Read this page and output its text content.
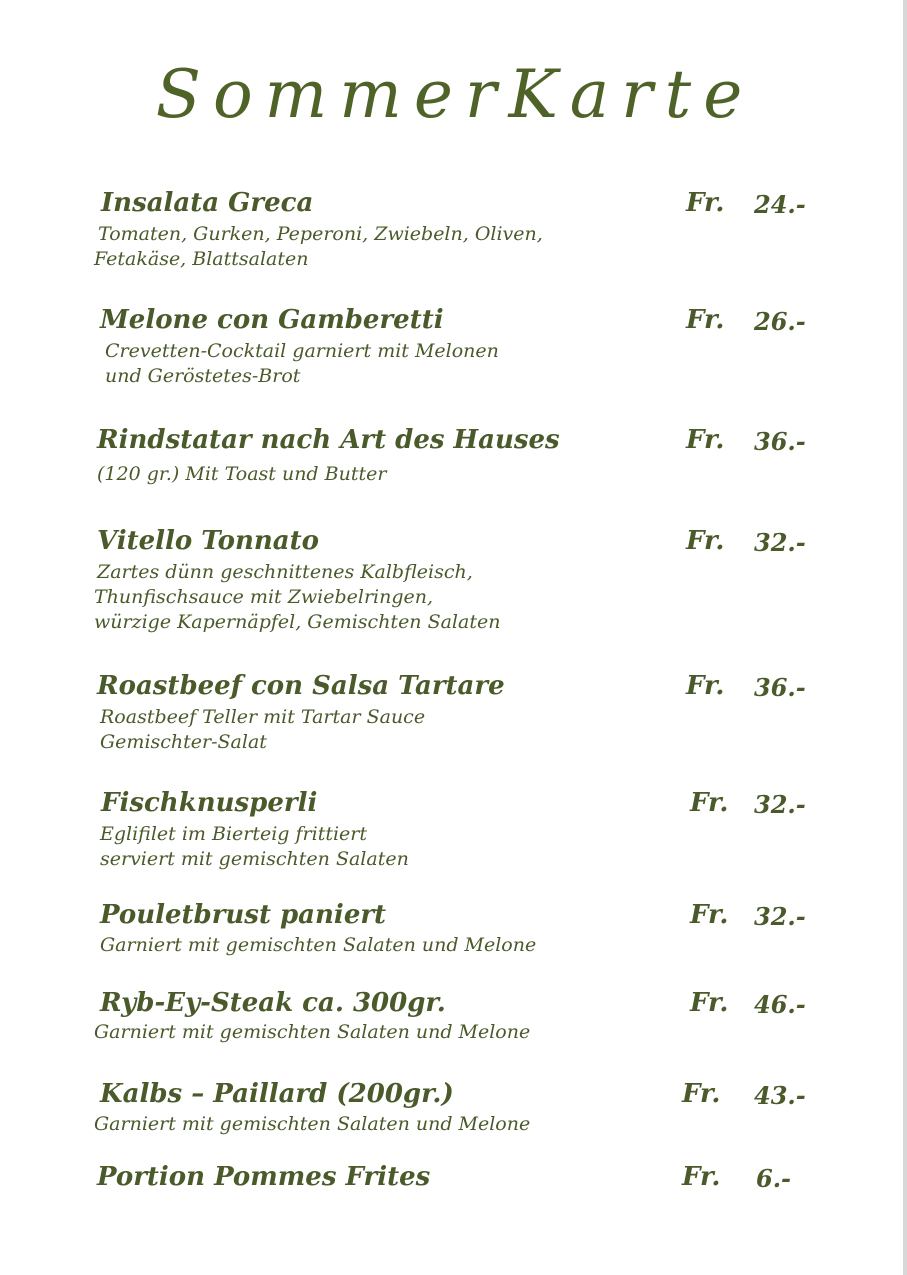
SommerKarte
Insalata Greca	Fr. 24.-
Tomaten, Gurken, Peperoni, Zwiebeln, Oliven,
Fetakäse, Blattsalaten
Melone con Gamberetti	Fr. 26.-
Crevetten-Cocktail garniert mit Melonen
und Geröstetes-Brot
Rindstatar nach Art des Hauses	Fr. 36.-
(120 gr.) Mit Toast und Butter
Vitello Tonnato	Fr. 32.-
Zartes dünn geschnittenes Kalbfleisch,
Thunfischsauce mit Zwiebelringen,
würzige Kapernäpfel, Gemischten Salaten
Roastbeef con Salsa Tartare	Fr. 36.-
Roastbeef Teller mit Tartar Sauce
Gemischter-Salat
Fischknusperli	Fr. 32.-
Eglifilet im Bierteig frittiert
serviert mit gemischten Salaten
Pouletbrust paniert	Fr. 32.-
Garniert mit gemischten Salaten und Melone
Ryb-Ey-Steak ca. 300gr.	Fr. 46.-
Garniert mit gemischten Salaten und Melone
Kalbs – Paillard (200gr.)	Fr. 43.-
Garniert mit gemischten Salaten und Melone
Portion Pommes Frites	Fr. 6.-
